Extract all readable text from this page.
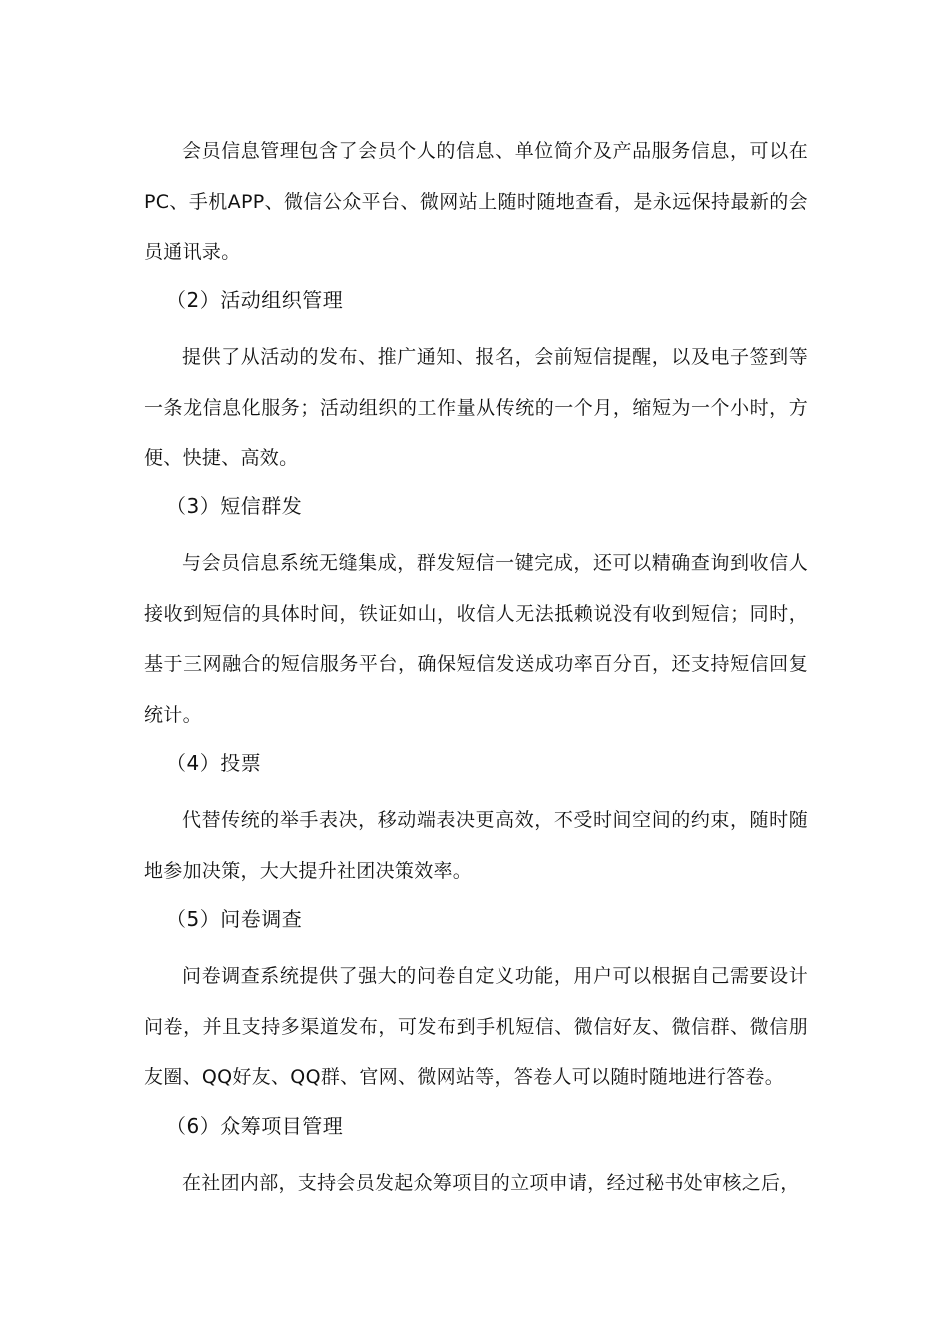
会员信息管理包含了会员个人的信息、单位简介及产品服务信息，可以在PC、手机APP、微信公众平台、微网站上随时随地查看，是永远保持最新的会员通讯录。

（2）活动组织管理

提供了从活动的发布、推广通知、报名，会前短信提醒，以及电子签到等一条龙信息化服务；活动组织的工作量从传统的一个月，缩短为一个小时，方便、快捷、高效。

（3）短信群发

与会员信息系统无缝集成，群发短信一键完成，还可以精确查询到收信人接收到短信的具体时间，铁证如山，收信人无法抵赖说没有收到短信；同时，基于三网融合的短信服务平台，确保短信发送成功率百分百，还支持短信回复统计。

（4）投票

代替传统的举手表决，移动端表决更高效，不受时间空间的约束，随时随地参加决策，大大提升社团决策效率。

（5）问卷调查

问卷调查系统提供了强大的问卷自定义功能，用户可以根据自己需要设计问卷，并且支持多渠道发布，可发布到手机短信、微信好友、微信群、微信朋友圈、QQ好友、QQ群、官网、微网站等，答卷人可以随时随地进行答卷。

（6）众筹项目管理

在社团内部，支持会员发起众筹项目的立项申请，经过秘书处审核之后，
